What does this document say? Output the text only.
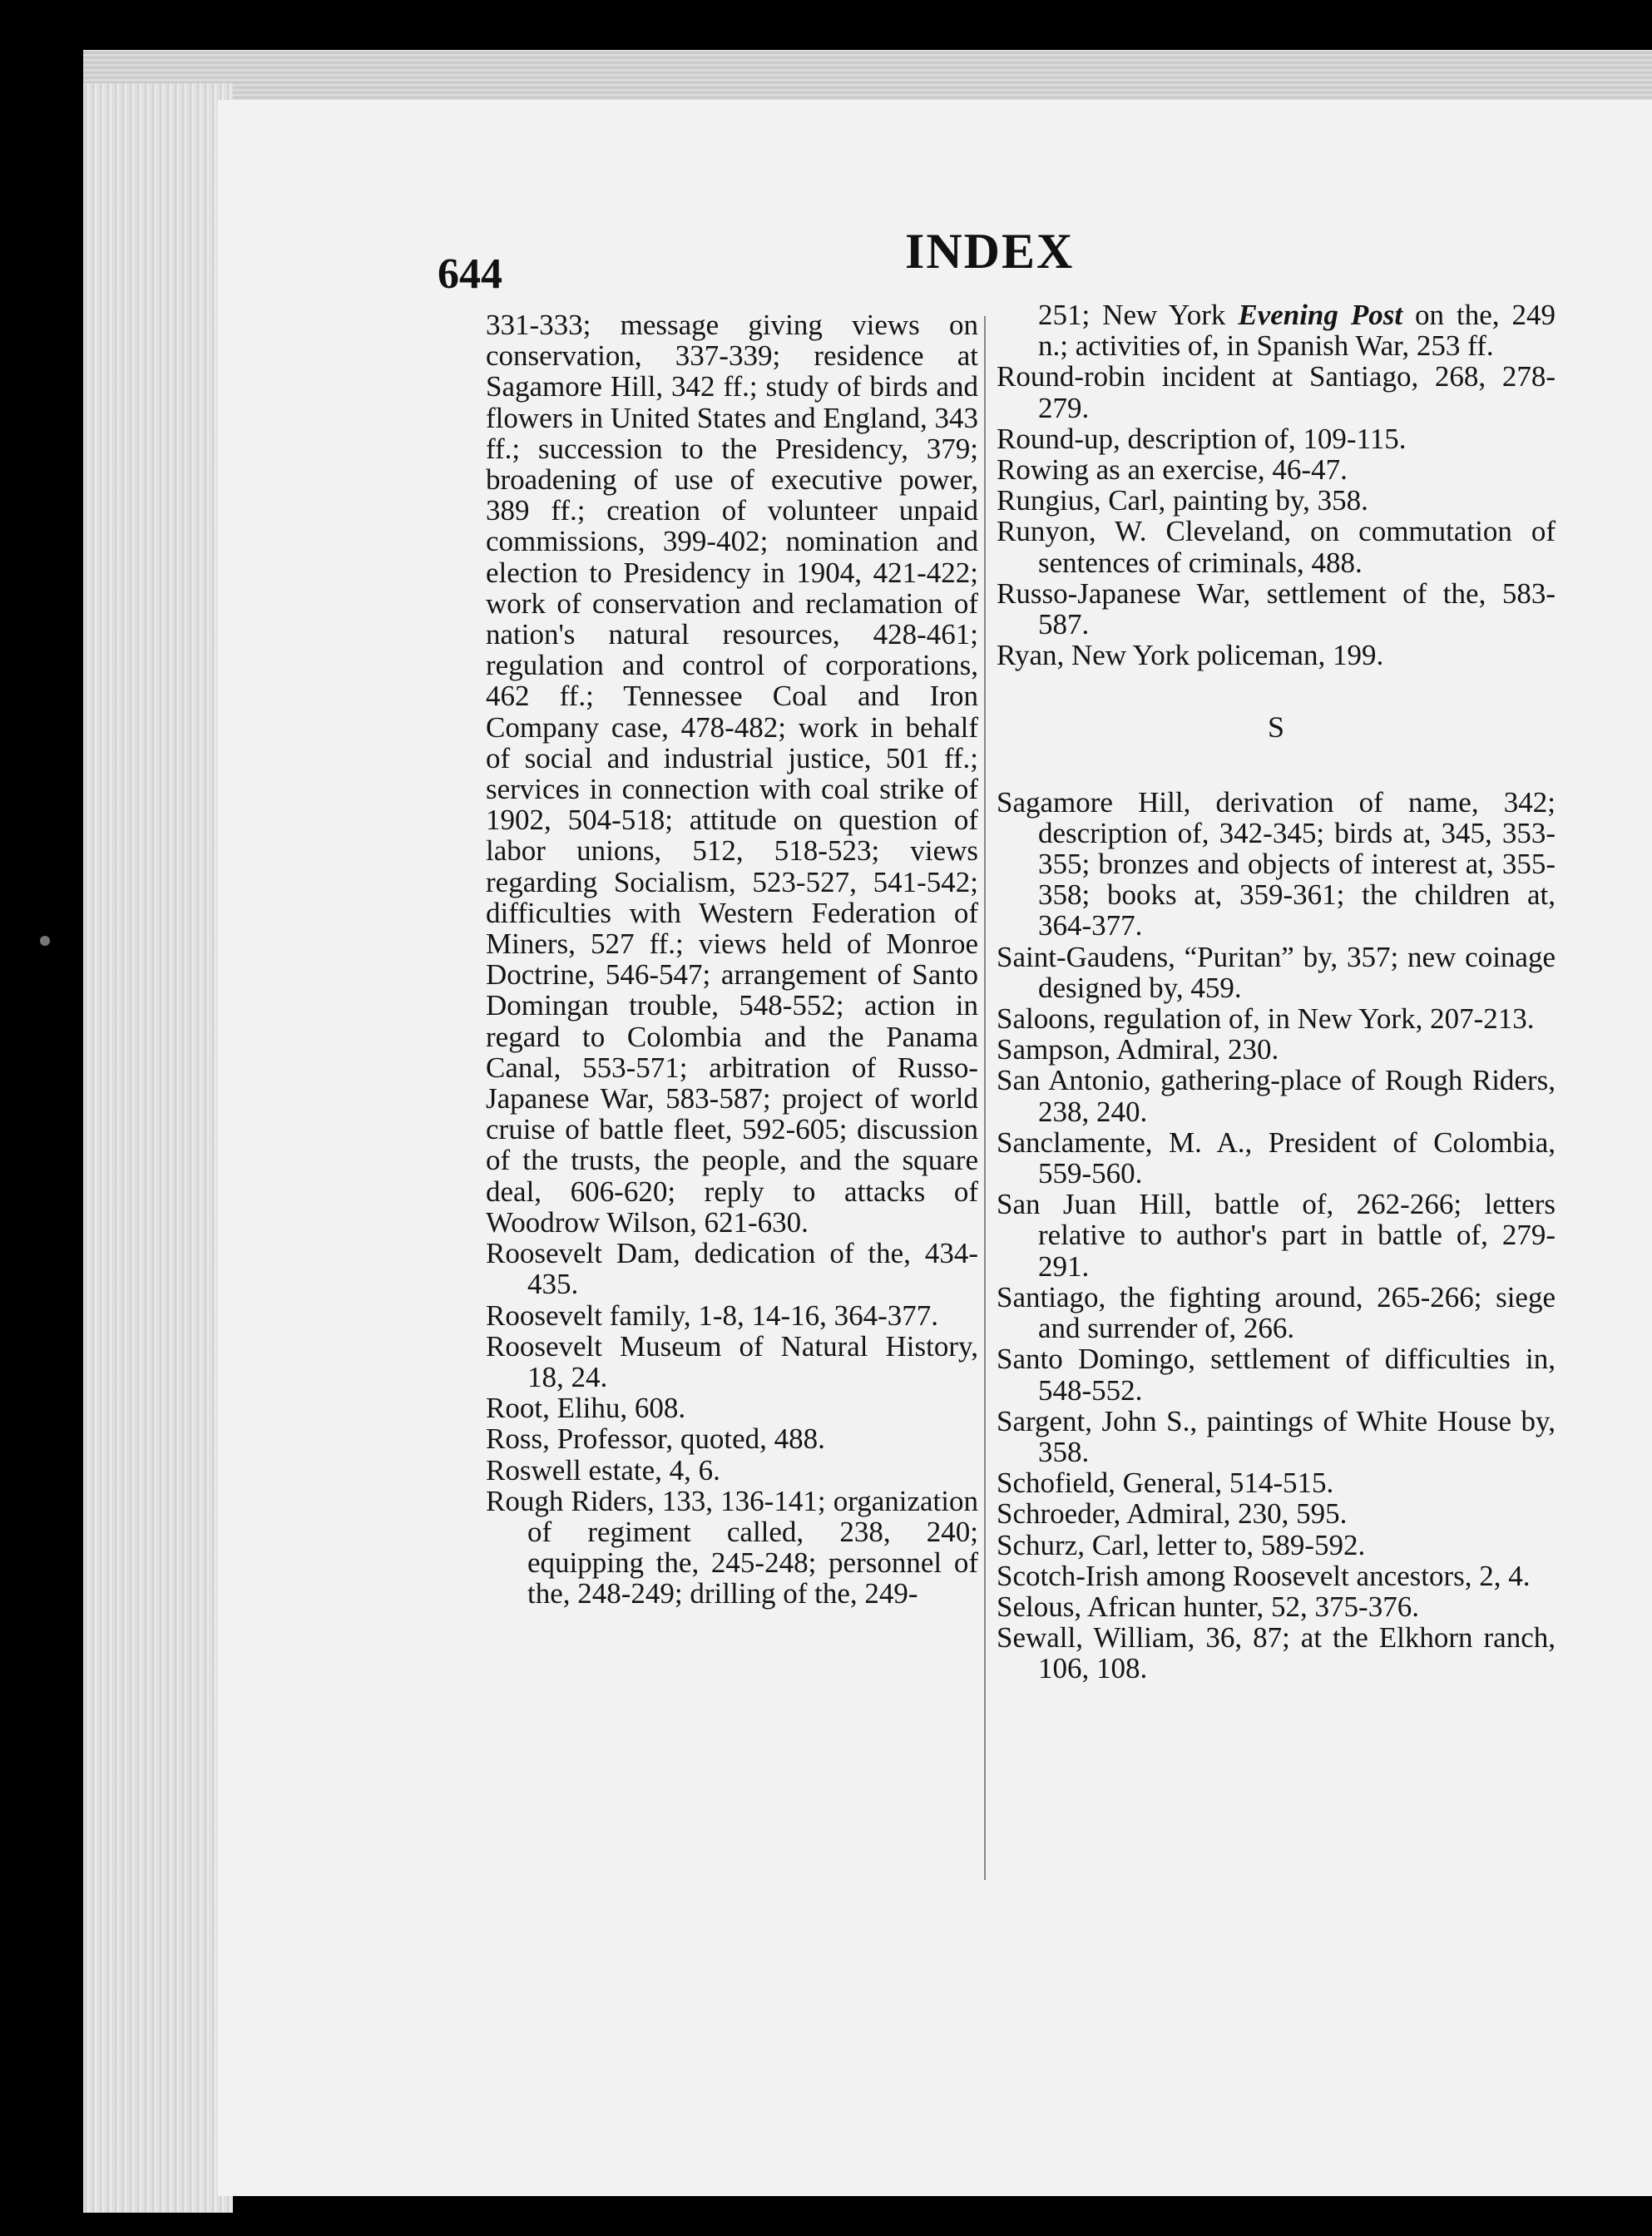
644	INDEX

331-333; message giving views on conservation, 337-339; residence at Sagamore Hill, 342 ff.; study of birds and flowers in United States and England, 343 ff.; succession to the Presidency, 379; broadening of use of executive power, 389 ff.; creation of volunteer unpaid commissions, 399-402; nomination and election to Presidency in 1904, 421-422; work of conservation and reclamation of nation's natural resources, 428-461; regulation and control of corporations, 462 ff.; Tennessee Coal and Iron Company case, 478-482; work in behalf of social and industrial justice, 501 ff.; services in connection with coal strike of 1902, 504-518; attitude on question of labor unions, 512, 518-523; views regarding Socialism, 523-527, 541-542; difficulties with Western Federation of Miners, 527 ff.; views held of Monroe Doctrine, 546-547; arrangement of Santo Domingan trouble, 548-552; action in regard to Colombia and the Panama Canal, 553-571; arbitration of Russo-Japanese War, 583-587; project of world cruise of battle fleet, 592-605; discussion of the trusts, the people, and the square deal, 606-620; reply to attacks of Woodrow Wilson, 621-630.

Roosevelt Dam, dedication of the, 434-435.

Roosevelt family, 1-8, 14-16, 364-377.

Roosevelt Museum of Natural History, 18, 24.

Root, Elihu, 608.

Ross, Professor, quoted, 488.

Roswell estate, 4, 6.

Rough Riders, 133, 136-141; organization of regiment called, 238, 240; equipping the, 245-248; personnel of the, 248-249; drilling of the, 249-

251; New York Evening Post on the, 249 n.; activities of, in Spanish War, 253 ff.

Round-robin incident at Santiago, 268, 278-279.

Round-up, description of, 109-115.

Rowing as an exercise, 46-47.

Rungius, Carl, painting by, 358.

Runyon, W. Cleveland, on commutation of sentences of criminals, 488.

Russo-Japanese War, settlement of the, 583-587.

Ryan, New York policeman, 199.

S

Sagamore Hill, derivation of name, 342; description of, 342-345; birds at, 345, 353-355; bronzes and objects of interest at, 355-358; books at, 359-361; the children at, 364-377.

Saint-Gaudens, “Puritan” by, 357; new coinage designed by, 459.

Saloons, regulation of, in New York, 207-213.

Sampson, Admiral, 230.

San Antonio, gathering-place of Rough Riders, 238, 240.

Sanclamente, M. A., President of Colombia, 559-560.

San Juan Hill, battle of, 262-266; letters relative to author's part in battle of, 279-291.

Santiago, the fighting around, 265-266; siege and surrender of, 266.

Santo Domingo, settlement of difficulties in, 548-552.

Sargent, John S., paintings of White House by, 358.

Schofield, General, 514-515.

Schroeder, Admiral, 230, 595.

Schurz, Carl, letter to, 589-592.

Scotch-Irish among Roosevelt ancestors, 2, 4.

Selous, African hunter, 52, 375-376.

Sewall, William, 36, 87; at the Elkhorn ranch, 106, 108.
